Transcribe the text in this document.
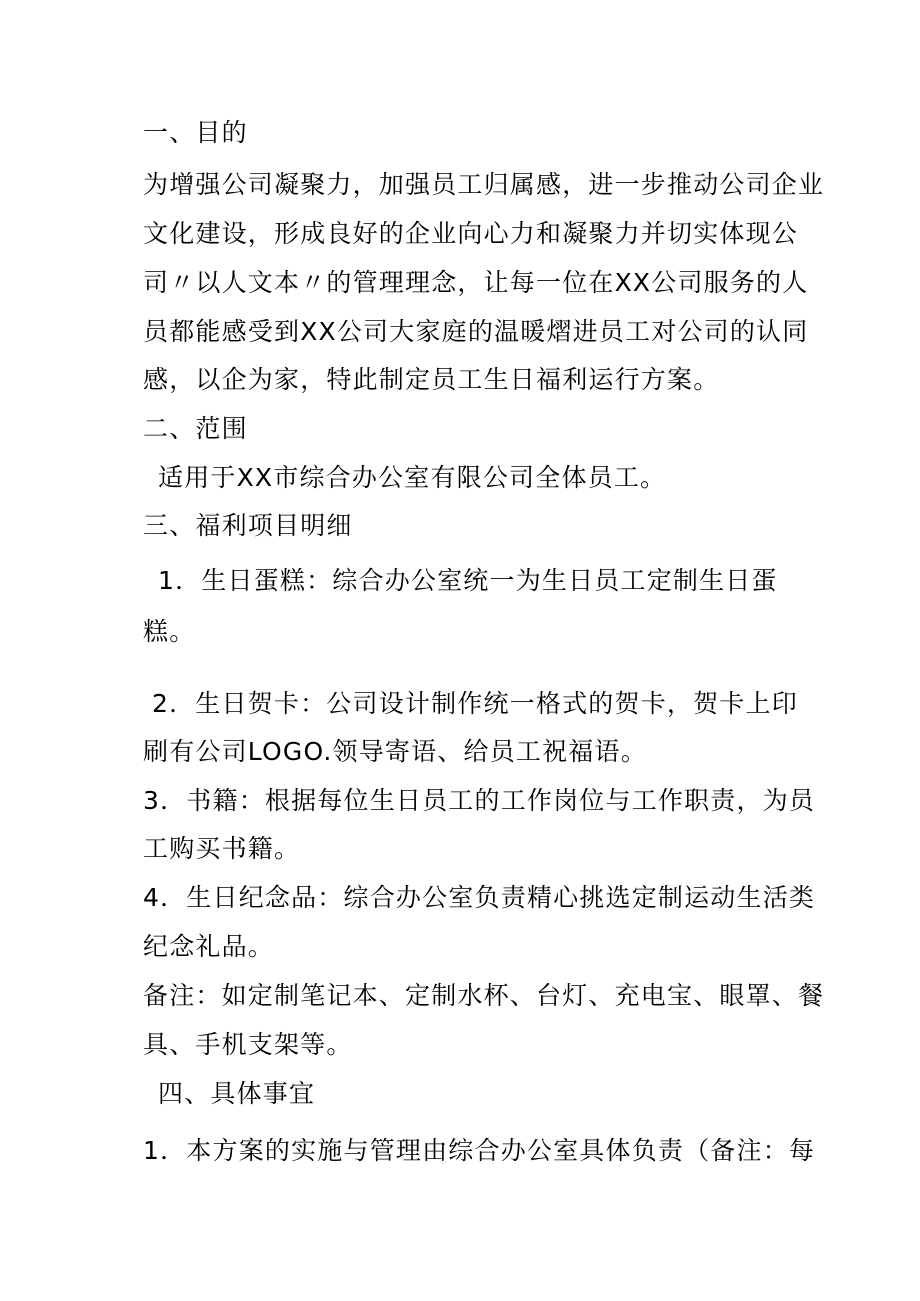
一、目的
为增强公司凝聚力，加强员工归属感，进一步推动公司企业
文化建设，形成良好的企业向心力和凝聚力并切实体现公
司〃以人文本〃的管理理念，让每一位在XX公司服务的人
员都能感受到XX公司大家庭的温暖熠进员工对公司的认同
感，以企为家，特此制定员工生日福利运行方案。
二、范围
适用于XX市综合办公室有限公司全体员工。
三、福利项目明细
1．生日蛋糕：综合办公室统一为生日员工定制生日蛋
糕。
2．生日贺卡：公司设计制作统一格式的贺卡，贺卡上印
刷有公司LOGO.领导寄语、给员工祝福语。
3．书籍：根据每位生日员工的工作岗位与工作职责，为员
工购买书籍。
4．生日纪念品：综合办公室负责精心挑选定制运动生活类
纪念礼品。
备注：如定制笔记本、定制水杯、台灯、充电宝、眼罩、餐
具、手机支架等。
四、具体事宜
1．本方案的实施与管理由综合办公室具体负责（备注：每
